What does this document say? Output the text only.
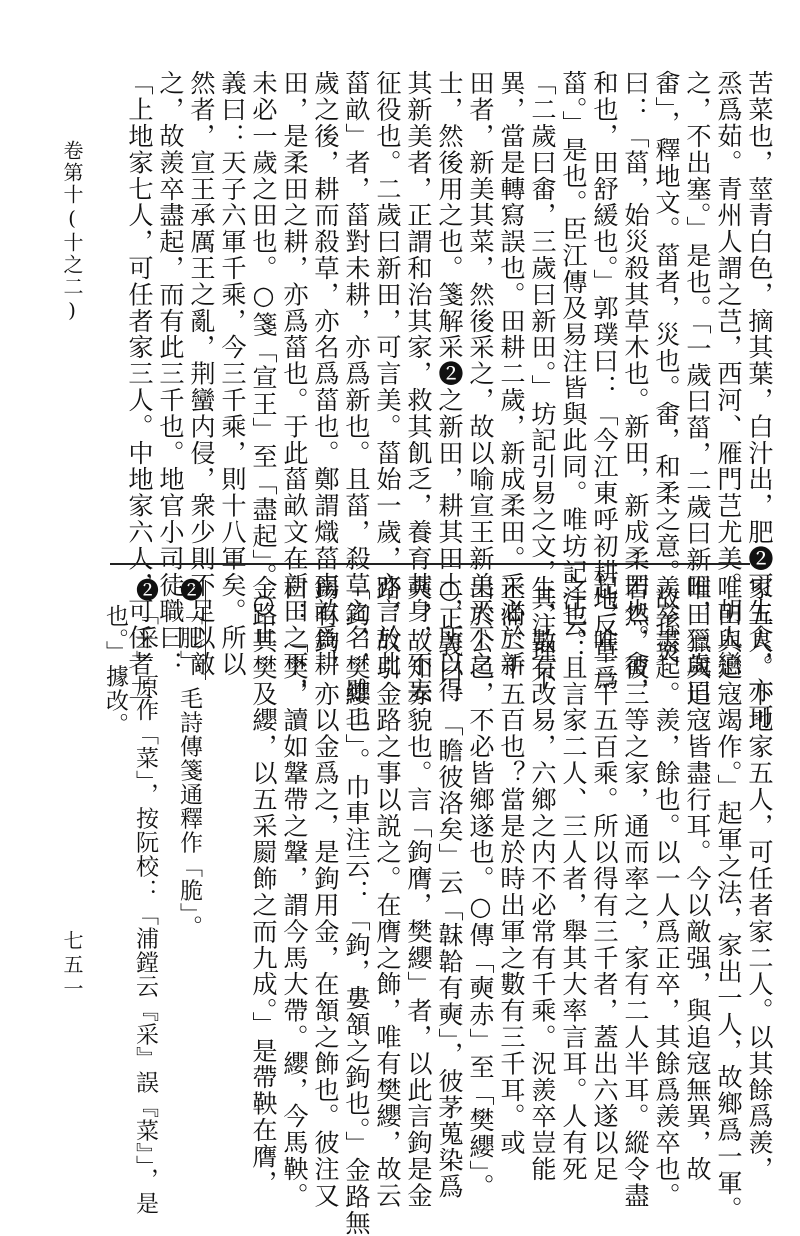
卷第十(十之二)
七五一
苦菜也，莖青白色，摘其葉，白汁出，肥❷可生食，亦可
烝爲茹。青州人謂之芑，西河、雁門芑尤美。胡人戀
之，不出塞。」是也。「一歲曰菑，二歲曰新田，三歲曰
畬」，釋地文。菑者，災也。畬，和柔之意。故孫炎
曰：「菑，始災殺其草木也。新田，新成柔田也。畬，
和也，田舒緩也。」郭璞曰：「今江東呼初耕地反草爲
菑。」是也。臣江傳及易注皆與此同。唯坊記注云：
「二歲曰畬，三歲曰新田。」坊記引易之文，其注理不
異，當是轉寫誤也。田耕二歲，新成柔田。采必於新
田者，新美其菜，然後采之，故以喻宣王新美天下之
士，然後用之也。箋解采❷之新田，耕其田土，所以得
其新美者，正謂和治其家，救其飢乏，養育其身，不妄
征役也。二歲曰新田，可言美。菑始一歲，亦言於此
菑畝」者，菑對未耕，亦爲新也。且菑，殺草之名，雖二
歲之後，耕而殺草，亦名爲菑也。鄭謂熾菑南畝爲耕
田，是柔田之耕，亦爲菑也。于此菑畝文在新田之下，
未必一歲之田也。○箋「宣王」至「盡起」。○正
義曰：天子六軍千乘，今三千乘，則十八軍矣。所以
然者，宣王承厲王之亂，荆蠻内侵，衆少則不足以敵
之，故羨卒盡起，而有此三千也。地官小司徒職曰：
「上地家七人，可任者家三人。中地家六人，可任者二
家五人。下地家五人，可任者家二人。以其餘爲羨，
唯田與追寇竭作。」起軍之法，家出一人，故鄉爲一軍。
唯田獵與追寇皆盡行耳。今以敵强，與追寇無異，故
羨卒盡起。羨，餘也。以一人爲正卒，其餘爲羨卒也。
若然，彼三等之家，通而率之，家有二人半耳。縱令盡
起，唯二千五百乘。所以得有三千者，蓋出六遂以足
之也。且言家二人、三人者，舉其大率言耳。人有死
生，數有改易，六鄉之内不必常有千乘。況羨卒豈能
正滿二千五百也？當是於時出軍之數有三千耳。或
出於公邑，不必皆鄉遂也。○傳「奭赤」至「樊纓」。
○正義曰：「瞻彼洛矣」云「韎韐有奭」，彼茅蒐染爲
奭，故知赤貌也。言「鉤膺，樊纓」者，以此言鉤是金
路，故引金路之事以説之。在膺之飾，唯有樊纓，故云
「鉤，樊纓也」。巾車注云：「鉤，婁頷之鉤也。」金路無
鍚有鉤，亦以金爲之，是鉤用金，在頷之飾也。彼注又
曰：「樊，讀如鞶帶之鞶，謂今馬大帶。纓，今馬鞅。
金路其樊及纓，以五采罽飾之而九成。」是帶鞅在膺，
❷「肥」，毛詩傳箋通釋作「脆」。
❷「采」原作「菜」，按阮校：「浦鏜云『采』誤『菜』」，是
也。」據改。
